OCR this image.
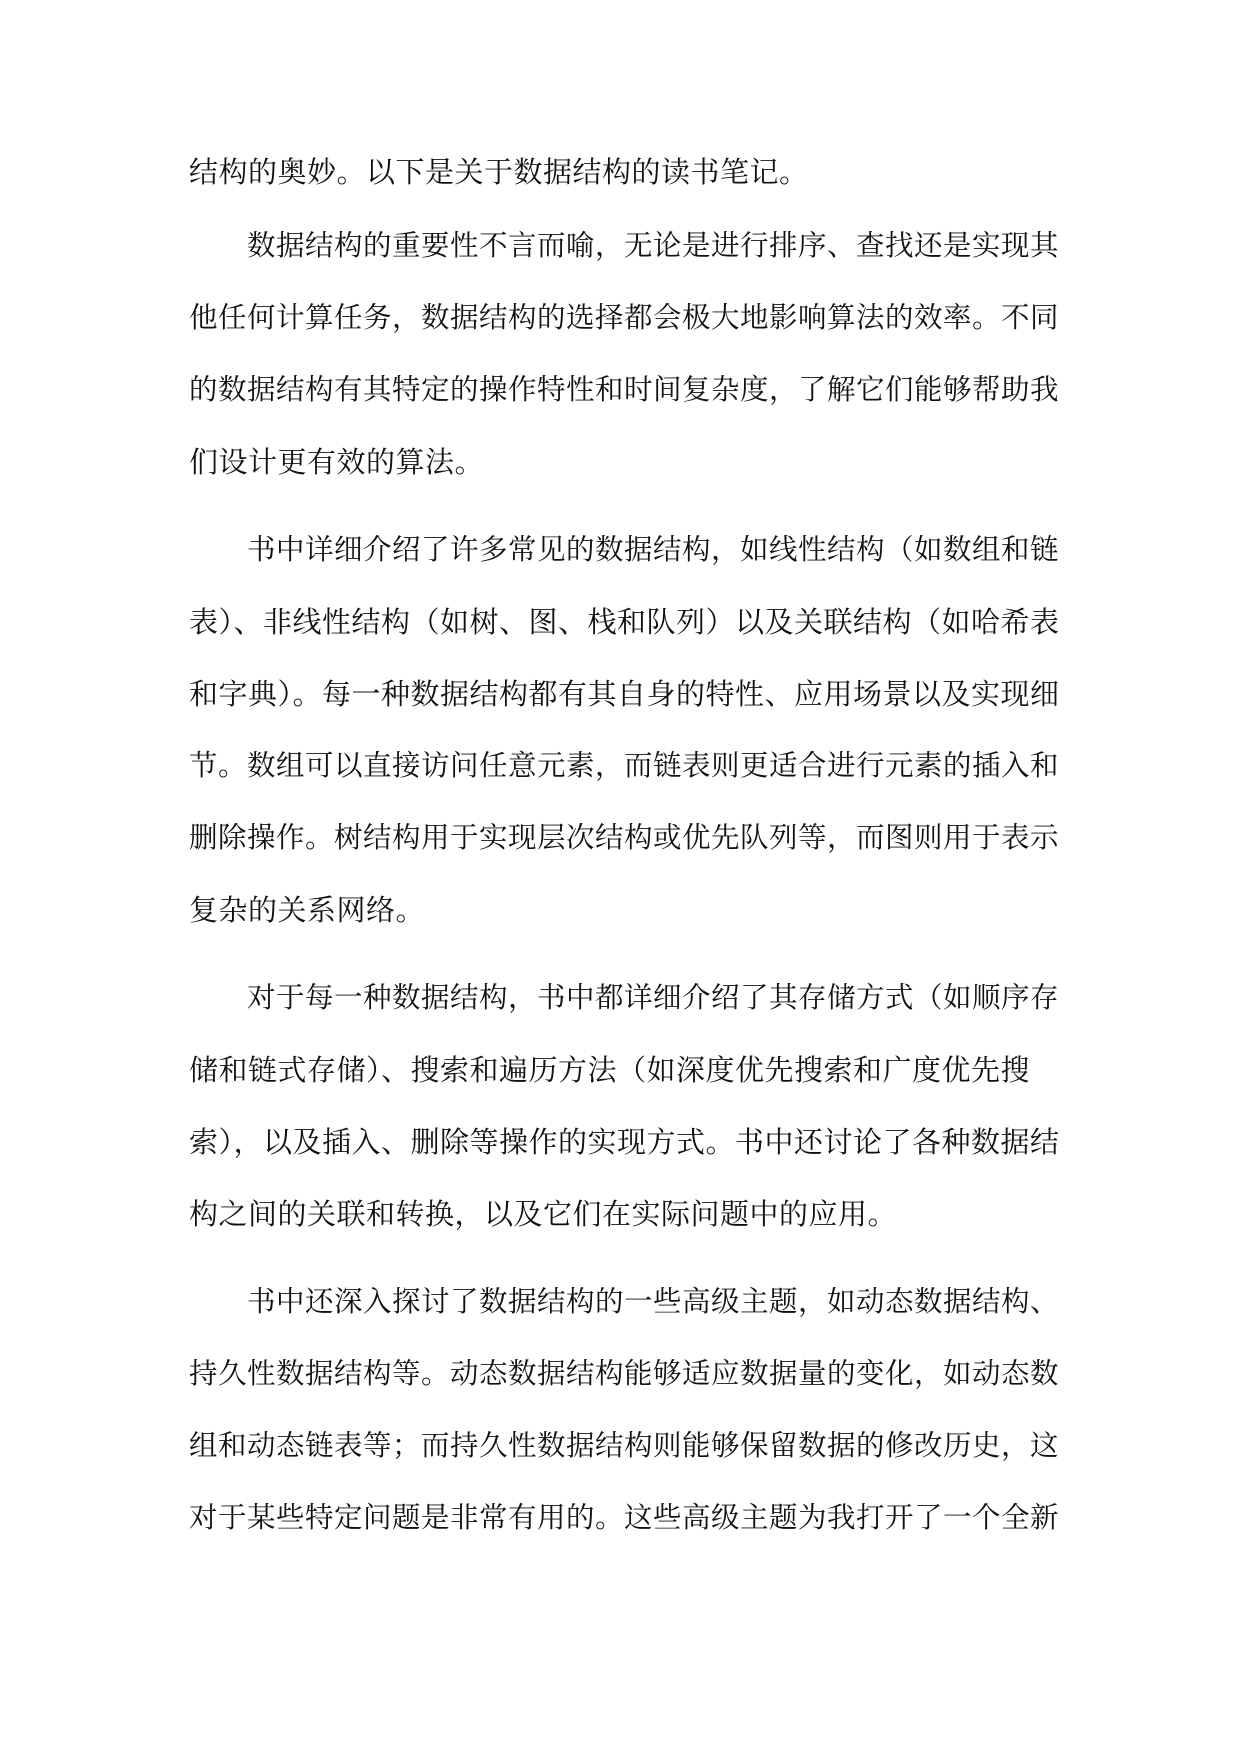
结构的奥妙。以下是关于数据结构的读书笔记。
数据结构的重要性不言而喻，无论是进行排序、查找还是实现其
他任何计算任务，数据结构的选择都会极大地影响算法的效率。不同
的数据结构有其特定的操作特性和时间复杂度，了解它们能够帮助我
们设计更有效的算法。
书中详细介绍了许多常见的数据结构，如线性结构（如数组和链
表）、非线性结构（如树、图、栈和队列）以及关联结构（如哈希表
和字典）。每一种数据结构都有其自身的特性、应用场景以及实现细
节。数组可以直接访问任意元素，而链表则更适合进行元素的插入和
删除操作。树结构用于实现层次结构或优先队列等，而图则用于表示
复杂的关系网络。
对于每一种数据结构，书中都详细介绍了其存储方式（如顺序存
储和链式存储）、搜索和遍历方法（如深度优先搜索和广度优先搜
索），以及插入、删除等操作的实现方式。书中还讨论了各种数据结
构之间的关联和转换，以及它们在实际问题中的应用。
书中还深入探讨了数据结构的一些高级主题，如动态数据结构、
持久性数据结构等。动态数据结构能够适应数据量的变化，如动态数
组和动态链表等；而持久性数据结构则能够保留数据的修改历史，这
对于某些特定问题是非常有用的。这些高级主题为我打开了一个全新
